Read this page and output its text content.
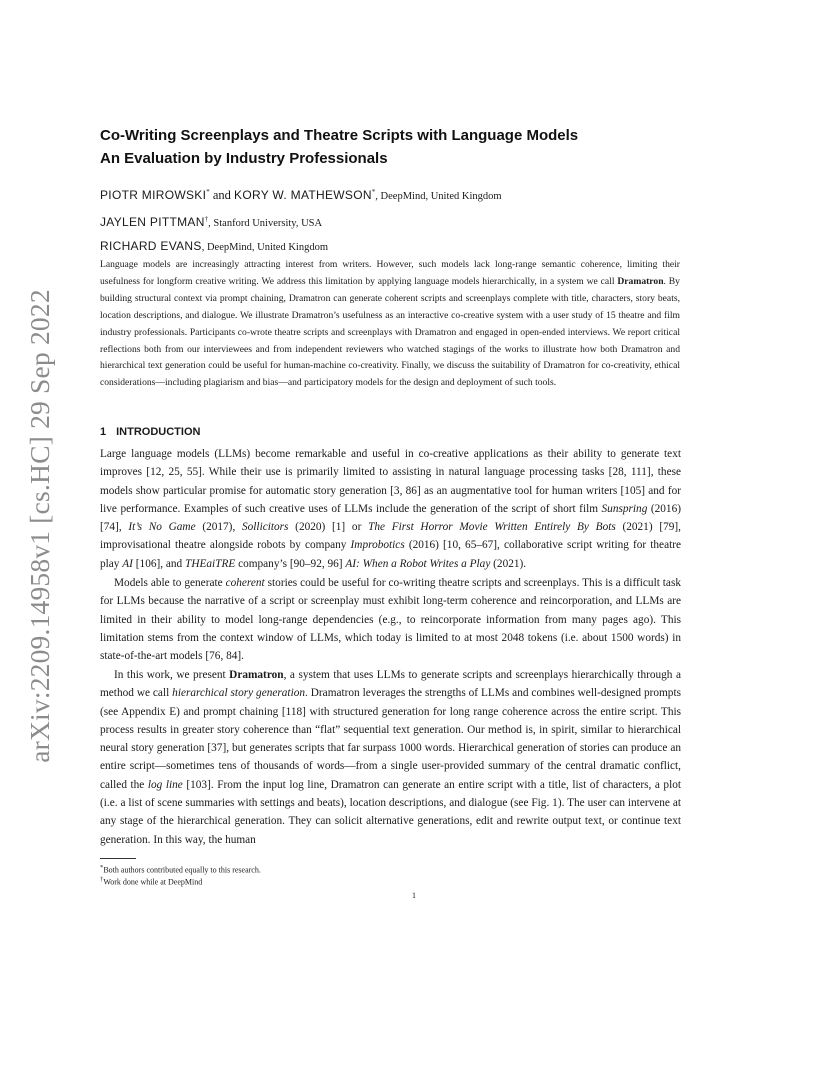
arXiv:2209.14958v1 [cs.HC] 29 Sep 2022
Co-Writing Screenplays and Theatre Scripts with Language Models
An Evaluation by Industry Professionals
PIOTR MIROWSKI* and KORY W. MATHEWSON*, DeepMind, United Kingdom
JAYLEN PITTMAN†, Stanford University, USA
RICHARD EVANS, DeepMind, United Kingdom
Language models are increasingly attracting interest from writers. However, such models lack long-range semantic coherence, limiting their usefulness for longform creative writing. We address this limitation by applying language models hierarchically, in a system we call Dramatron. By building structural context via prompt chaining, Dramatron can generate coherent scripts and screenplays complete with title, characters, story beats, location descriptions, and dialogue. We illustrate Dramatron’s usefulness as an interactive co-creative system with a user study of 15 theatre and film industry professionals. Participants co-wrote theatre scripts and screenplays with Dramatron and engaged in open-ended interviews. We report critical reflections both from our interviewees and from independent reviewers who watched stagings of the works to illustrate how both Dramatron and hierarchical text generation could be useful for human-machine co-creativity. Finally, we discuss the suitability of Dramatron for co-creativity, ethical considerations—including plagiarism and bias—and participatory models for the design and deployment of such tools.
1 INTRODUCTION
Large language models (LLMs) become remarkable and useful in co-creative applications as their ability to generate text improves [12, 25, 55]. While their use is primarily limited to assisting in natural language processing tasks [28, 111], these models show particular promise for automatic story generation [3, 86] as an augmentative tool for human writers [105] and for live performance. Examples of such creative uses of LLMs include the generation of the script of short film Sunspring (2016) [74], It’s No Game (2017), Sollicitors (2020) [1] or The First Horror Movie Written Entirely By Bots (2021) [79], improvisational theatre alongside robots by company Improbotics (2016) [10, 65–67], collaborative script writing for theatre play AI [106], and THEaiTRE company’s [90–92, 96] AI: When a Robot Writes a Play (2021).
Models able to generate coherent stories could be useful for co-writing theatre scripts and screenplays. This is a difficult task for LLMs because the narrative of a script or screenplay must exhibit long-term coherence and reincorporation, and LLMs are limited in their ability to model long-range dependencies (e.g., to reincorporate information from many pages ago). This limitation stems from the context window of LLMs, which today is limited to at most 2048 tokens (i.e. about 1500 words) in state-of-the-art models [76, 84].
In this work, we present Dramatron, a system that uses LLMs to generate scripts and screenplays hierarchically through a method we call hierarchical story generation. Dramatron leverages the strengths of LLMs and combines well-designed prompts (see Appendix E) and prompt chaining [118] with structured generation for long range coherence across the entire script. This process results in greater story coherence than “flat” sequential text generation. Our method is, in spirit, similar to hierarchical neural story generation [37], but generates scripts that far surpass 1000 words. Hierarchical generation of stories can produce an entire script—sometimes tens of thousands of words—from a single user-provided summary of the central dramatic conflict, called the log line [103]. From the input log line, Dramatron can generate an entire script with a title, list of characters, a plot (i.e. a list of scene summaries with settings and beats), location descriptions, and dialogue (see Fig. 1). The user can intervene at any stage of the hierarchical generation. They can solicit alternative generations, edit and rewrite output text, or continue text generation. In this way, the human
*Both authors contributed equally to this research.
†Work done while at DeepMind
1
